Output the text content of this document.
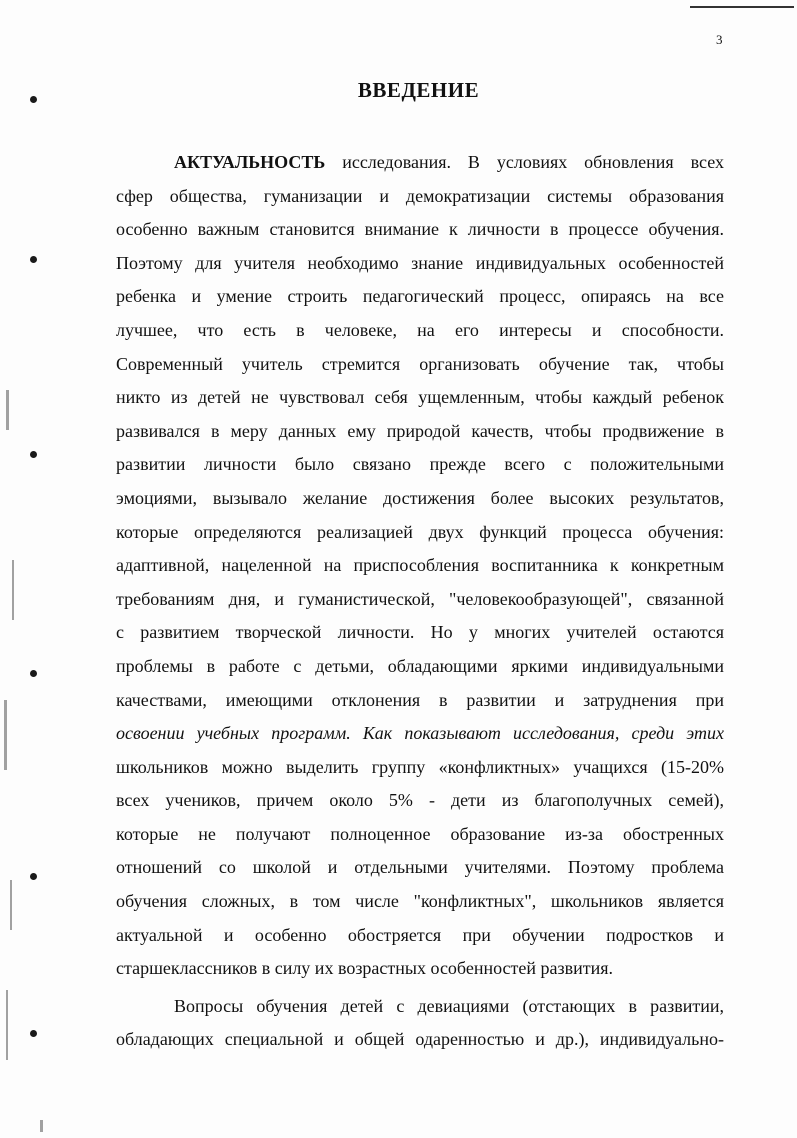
3
ВВЕДЕНИЕ
АКТУАЛЬНОСТЬ исследования. В условиях обновления всех
сфер общества, гуманизации и демократизации системы образования
особенно важным становится внимание к личности в процессе обучения.
Поэтому для учителя необходимо знание индивидуальных особенностей
ребенка и умение строить педагогический процесс, опираясь на все
лучшее, что есть в человеке, на его интересы и способности.
Современный учитель стремится организовать обучение так, чтобы
никто из детей не чувствовал себя ущемленным, чтобы каждый ребенок
развивался в меру данных ему природой качеств, чтобы продвижение в
развитии личности было связано прежде всего с положительными
эмоциями, вызывало желание достижения более высоких результатов,
которые определяются реализацией двух функций процесса обучения:
адаптивной, нацеленной на приспособления воспитанника к конкретным
требованиям дня, и гуманистической, "человекообразующей", связанной
с развитием творческой личности. Но у многих учителей остаются
проблемы в работе с детьми, обладающими яркими индивидуальными
качествами, имеющими отклонения в развитии и затруднения при
освоении учебных программ. Как показывают исследования, среди этих
школьников можно выделить группу «конфликтных» учащихся (15-20%
всех учеников, причем около 5% - дети из благополучных семей),
которые не получают полноценное образование из-за обостренных
отношений со школой и отдельными учителями. Поэтому проблема
обучения сложных, в том числе "конфликтных", школьников является
актуальной и особенно обостряется при обучении подростков и
старшеклассников в силу их возрастных особенностей развития.
Вопросы обучения детей с девиациями (отстающих в развитии,
обладающих специальной и общей одаренностью и др.), индивидуально-
